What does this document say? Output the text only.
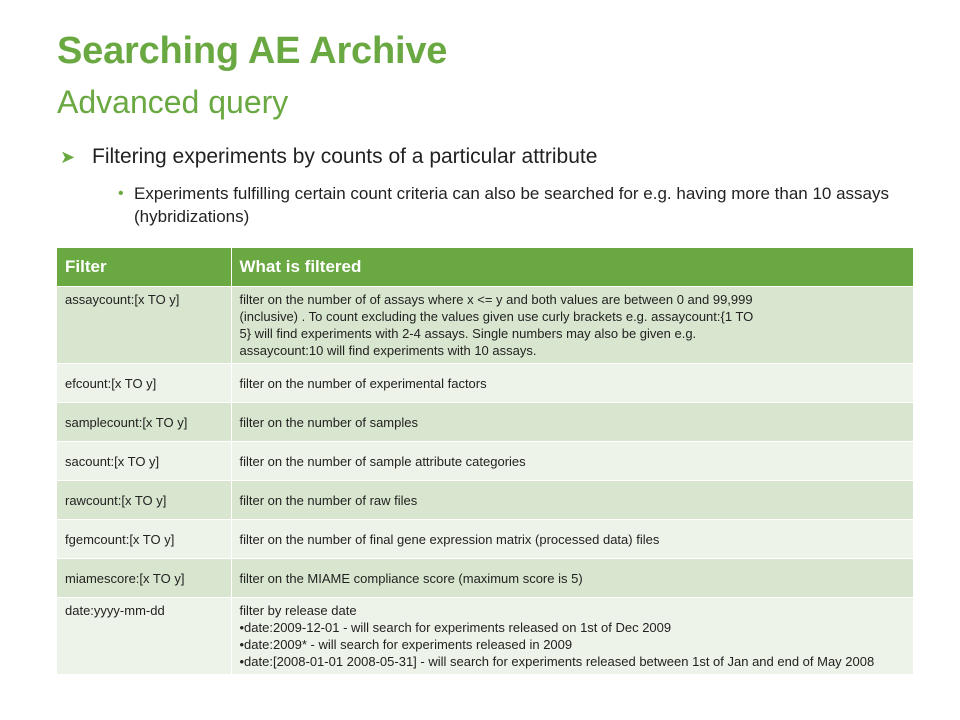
Searching AE Archive
Advanced query
➤ Filtering experiments by counts of a particular attribute
• Experiments fulfilling certain count criteria can also be searched for e.g. having more than 10 assays (hybridizations)
Filter	What is filtered
assaycount:[x TO y]	filter on the number of of assays where x <= y and both values are between 0 and 99,999
(inclusive) . To count excluding the values given use curly brackets e.g. assaycount:{1 TO
5} will find experiments with 2-4 assays. Single numbers may also be given e.g.
assaycount:10 will find experiments with 10 assays.

efcount:[x TO y]	filter on the number of experimental factors
samplecount:[x TO y]	filter on the number of samples
sacount:[x TO y]	filter on the number of sample attribute categories
rawcount:[x TO y]	filter on the number of raw files
fgemcount:[x TO y]	filter on the number of final gene expression matrix (processed data) files
miamescore:[x TO y]	filter on the MIAME compliance score (maximum score is 5)
date:yyyy-mm-dd	filter by release date
•date:2009-12-01 - will search for experiments released on 1st of Dec 2009
•date:2009* - will search for experiments released in 2009
•date:[2008-01-01 2008-05-31] - will search for experiments released between 1st of Jan and end of May 2008
